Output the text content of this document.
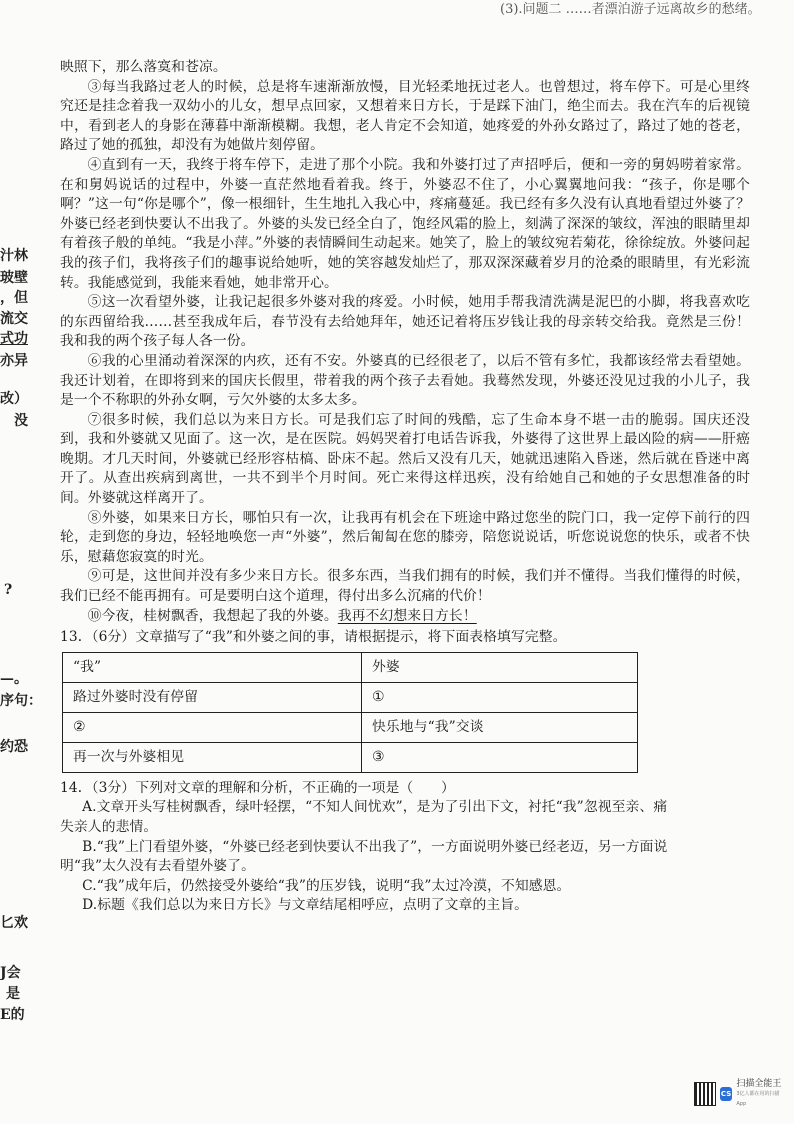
(3).问题二 ……者漂泊游子远离故乡的愁绪。
汁林
玻壁
，但
流交
式功
亦异
改）
没
?
—。
序句：
约恐
匕欢
J会
是
E的

映照下，那么落寞和苍凉。

③每当我路过老人的时候，总是将车速渐渐放慢，目光轻柔地抚过老人。也曾想过，将车停下。可是心里终究还是挂念着我一双幼小的儿女，想早点回家，又想着来日方长，于是踩下油门，绝尘而去。我在汽车的后视镜中，看到老人的身影在薄暮中渐渐模糊。我想，老人肯定不会知道，她疼爱的外孙女路过了，路过了她的苍老，路过了她的孤独，却没有为她做片刻停留。

④直到有一天，我终于将车停下，走进了那个小院。我和外婆打过了声招呼后，便和一旁的舅妈唠着家常。在和舅妈说话的过程中，外婆一直茫然地看着我。终于，外婆忍不住了，小心翼翼地问我：“孩子，你是哪个啊？”这一句“你是哪个”，像一根细针，生生地扎入我心中，疼痛蔓延。我已经有多久没有认真地看望过外婆了？外婆已经老到快要认不出我了。外婆的头发已经全白了，饱经风霜的脸上，刻满了深深的皱纹，浑浊的眼睛里却有着孩子般的单纯。“我是小萍。”外婆的表情瞬间生动起来。她笑了，脸上的皱纹宛若菊花，徐徐绽放。外婆问起我的孩子们，我将孩子们的趣事说给她听，她的笑容越发灿烂了，那双深深藏着岁月的沧桑的眼睛里，有光彩流转。我能感觉到，我能来看她，她非常开心。

⑤这一次看望外婆，让我记起很多外婆对我的疼爱。小时候，她用手帮我清洗满是泥巴的小脚，将我喜欢吃的东西留给我……甚至我成年后，春节没有去给她拜年，她还记着将压岁钱让我的母亲转交给我。竟然是三份！我和我的两个孩子每人各一份。

⑥我的心里涌动着深深的内疚，还有不安。外婆真的已经很老了，以后不管有多忙，我都该经常去看望她。我还计划着，在即将到来的国庆长假里，带着我的两个孩子去看她。我蓦然发现，外婆还没见过我的小儿子，我是一个不称职的外孙女啊，亏欠外婆的太多太多。

⑦很多时候，我们总以为来日方长。可是我们忘了时间的残酷，忘了生命本身不堪一击的脆弱。国庆还没到，我和外婆就又见面了。这一次，是在医院。妈妈哭着打电话告诉我，外婆得了这世界上最凶险的病——肝癌晚期。才几天时间，外婆就已经形容枯槁、卧床不起。然后又没有几天，她就迅速陷入昏迷，然后就在昏迷中离开了。从查出疾病到离世，一共不到半个月时间。死亡来得这样迅疾，没有给她自己和她的子女思想准备的时间。外婆就这样离开了。

⑧外婆，如果来日方长，哪怕只有一次，让我再有机会在下班途中路过您坐的院门口，我一定停下前行的四轮，走到您的身边，轻轻地唤您一声“外婆”，然后匍匐在您的膝旁，陪您说说话，听您说说您的快乐，或者不快乐，慰藉您寂寞的时光。

⑨可是，这世间并没有多少来日方长。很多东西，当我们拥有的时候，我们并不懂得。当我们懂得的时候，我们已经不能再拥有。可是要明白这个道理，得付出多么沉痛的代价！

⑩今夜，桂树飘香，我想起了我的外婆。我再不幻想来日方长！

13．（6分）文章描写了“我”和外婆之间的事，请根据提示，将下面表格填写完整。

“我”	外婆
路过外婆时没有停留	①
②	快乐地与“我”交谈
再一次与外婆相见	③

14．（3分）下列对文章的理解和分析，不正确的一项是（　　）

A.文章开头写桂树飘香，绿叶轻摆，“不知人间忧欢”，是为了引出下文，衬托“我”忽视至亲、痛

失亲人的悲情。

B.“我”上门看望外婆，“外婆已经老到快要认不出我了”，一方面说明外婆已经老迈，另一方面说

明“我”太久没有去看望外婆了。

C.“我”成年后，仍然接受外婆给“我”的压岁钱，说明“我”太过冷漠，不知感恩。

D.标题《我们总以为来日方长》与文章结尾相呼应，点明了文章的主旨。

CS
扫描全能王
3亿人都在用的扫描App
